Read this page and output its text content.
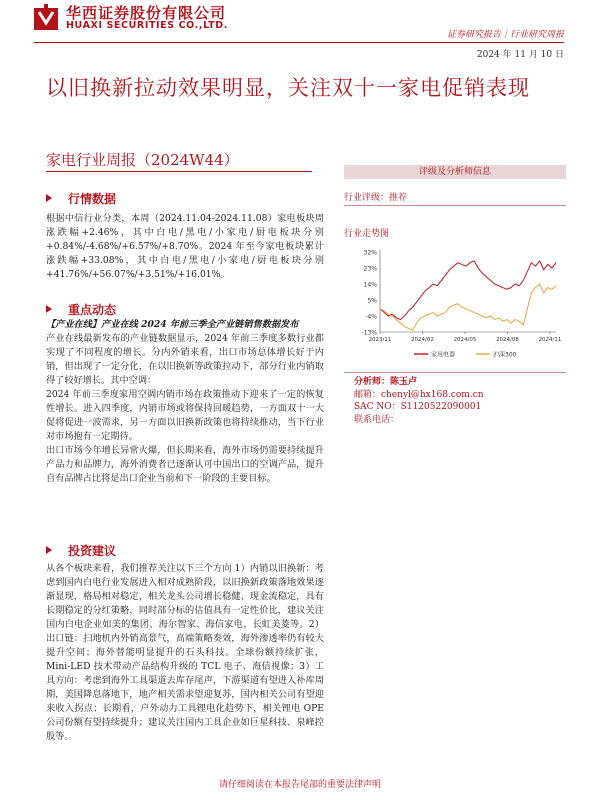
华西证券股份有限公司
HUAXI SECURITIES CO.,LTD.
证券研究报告｜行业研究周报
2024 年 11 月 10 日
以旧换新拉动效果明显，关注双十一家电促销表现
家电行业周报（2024W44）
行情数据

根据中信行业分类，本周（2024.11.04-2024.11.08）家电板块周涨跌幅+2.46%，其中白电/黑电/小家电/厨电板块分别+0.84%/-4.68%/+6.57%/+8.70%。2024 年至今家电板块累计涨跌幅+33.08%，其中白电/黑电/小家电/厨电板块分别+41.76%/+56.07%/+3.51%/+16.01%。

重点动态

【产业在线】产业在线 2024 年前三季全产业链销售数据发布

产业在线最新发布的产业链数据显示，2024 年前三季度多数行业都实现了不同程度的增长。分内外销来看，出口市场总体增长好于内销，但出现了一定分化，在以旧换新等政策拉动下，部分行业内销取得了较好增长。其中空调：

2024 年前三季度家用空调内销市场在政策推动下迎来了一定的恢复性增长。进入四季度，内销市场或将保持回暖趋势，一方面双十一大促将促进一波需求，另一方面以旧换新政策也将持续推动，当下行业对市场抱有一定期待。

出口市场今年增长异常火爆，但长期来看，海外市场仍需要持续提升产品力和品牌力，海外消费者已逐渐认可中国出口的空调产品，提升自有品牌占比将是出口企业当前和下一阶段的主要目标。

投资建议

从各个板块来看，我们推荐关注以下三个方向 1）内销以旧换新：考虑到国内白电行业发展进入相对成熟阶段，以旧换新政策落地效果逐渐显现，格局相对稳定，相关龙头公司增长稳健、现金流稳定，具有长期稳定的分红策略，同时部分标的估值具有一定性价比，建议关注国内白电企业如美的集团、海尔智家、海信家电、长虹美菱等。2）出口链：扫地机内外销高景气，高端策略奏效，海外渗透率仍有较大提升空间；海外替能明显提升的石头科技。全球份额持续扩张，Mini-LED 技术带动产品结构升级的 TCL 电子、海信视像；3）工具方向：考虑到海外工具渠道去库存尾声，下游渠道有望进入补库周期，美国降息落地下，地产相关需求望迎复苏，国内相关公司有望迎来收入拐点；长期看，户外动力工具锂电化趋势下，相关锂电 OPE 公司份额有望持续提升；建议关注国内工具企业如巨星科技、泉峰控股等。

评级及分析师信息
行业评级：推荐
行业走势图
32%
23%
14%
5%
-4%
-13%
2023/11	2024/02	2024/05	2024/08	2024/11
家用电器	沪深300
分析师：陈玉卢
邮箱：chenyl@hx168.com.cn
SAC NO：S1120522090001
联系电话：
请仔细阅读在本报告尾部的重要法律声明
